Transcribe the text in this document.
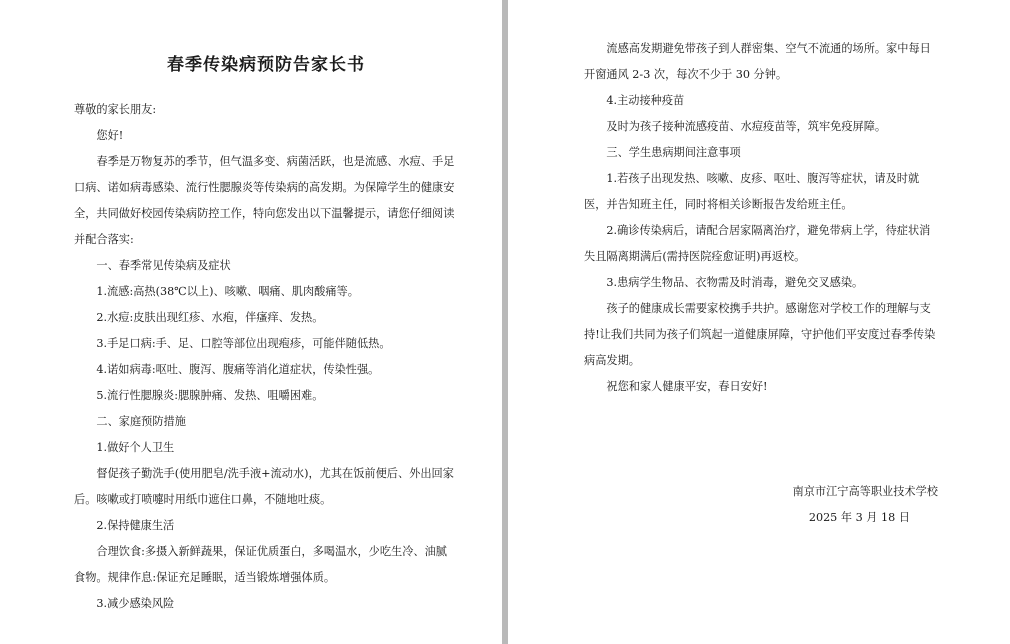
春季传染病预防告家长书

尊敬的家长朋友:

您好!

春季是万物复苏的季节，但气温多变、病菌活跃，也是流感、水痘、手足口病、诺如病毒感染、流行性腮腺炎等传染病的高发期。为保障学生的健康安全，共同做好校园传染病防控工作，特向您发出以下温馨提示，请您仔细阅读并配合落实:

一、春季常见传染病及症状

1.流感:高热(38℃以上)、咳嗽、咽痛、肌肉酸痛等。

2.水痘:皮肤出现红疹、水疱，伴瘙痒、发热。

3.手足口病:手、足、口腔等部位出现疱疹，可能伴随低热。

4.诺如病毒:呕吐、腹泻、腹痛等消化道症状，传染性强。

5.流行性腮腺炎:腮腺肿痛、发热、咀嚼困难。

二、家庭预防措施

1.做好个人卫生

督促孩子勤洗手(使用肥皂/洗手液+流动水)，尤其在饭前便后、外出回家后。咳嗽或打喷嚏时用纸巾遮住口鼻，不随地吐痰。

2.保持健康生活

合理饮食:多摄入新鲜蔬果，保证优质蛋白，多喝温水，少吃生冷、油腻食物。规律作息:保证充足睡眠，适当锻炼增强体质。

3.减少感染风险

流感高发期避免带孩子到人群密集、空气不流通的场所。家中每日开窗通风 2-3 次，每次不少于 30 分钟。

4.主动接种疫苗

及时为孩子接种流感疫苗、水痘疫苗等，筑牢免疫屏障。

三、学生患病期间注意事项

1.若孩子出现发热、咳嗽、皮疹、呕吐、腹泻等症状，请及时就医，并告知班主任，同时将相关诊断报告发给班主任。

2.确诊传染病后，请配合居家隔离治疗，避免带病上学，待症状消失且隔离期满后(需持医院痊愈证明)再返校。

3.患病学生物品、衣物需及时消毒，避免交叉感染。

孩子的健康成长需要家校携手共护。感谢您对学校工作的理解与支持!让我们共同为孩子们筑起一道健康屏障，守护他们平安度过春季传染病高发期。

祝您和家人健康平安，春日安好!

南京市江宁高等职业技术学校

2025 年 3 月 18 日
